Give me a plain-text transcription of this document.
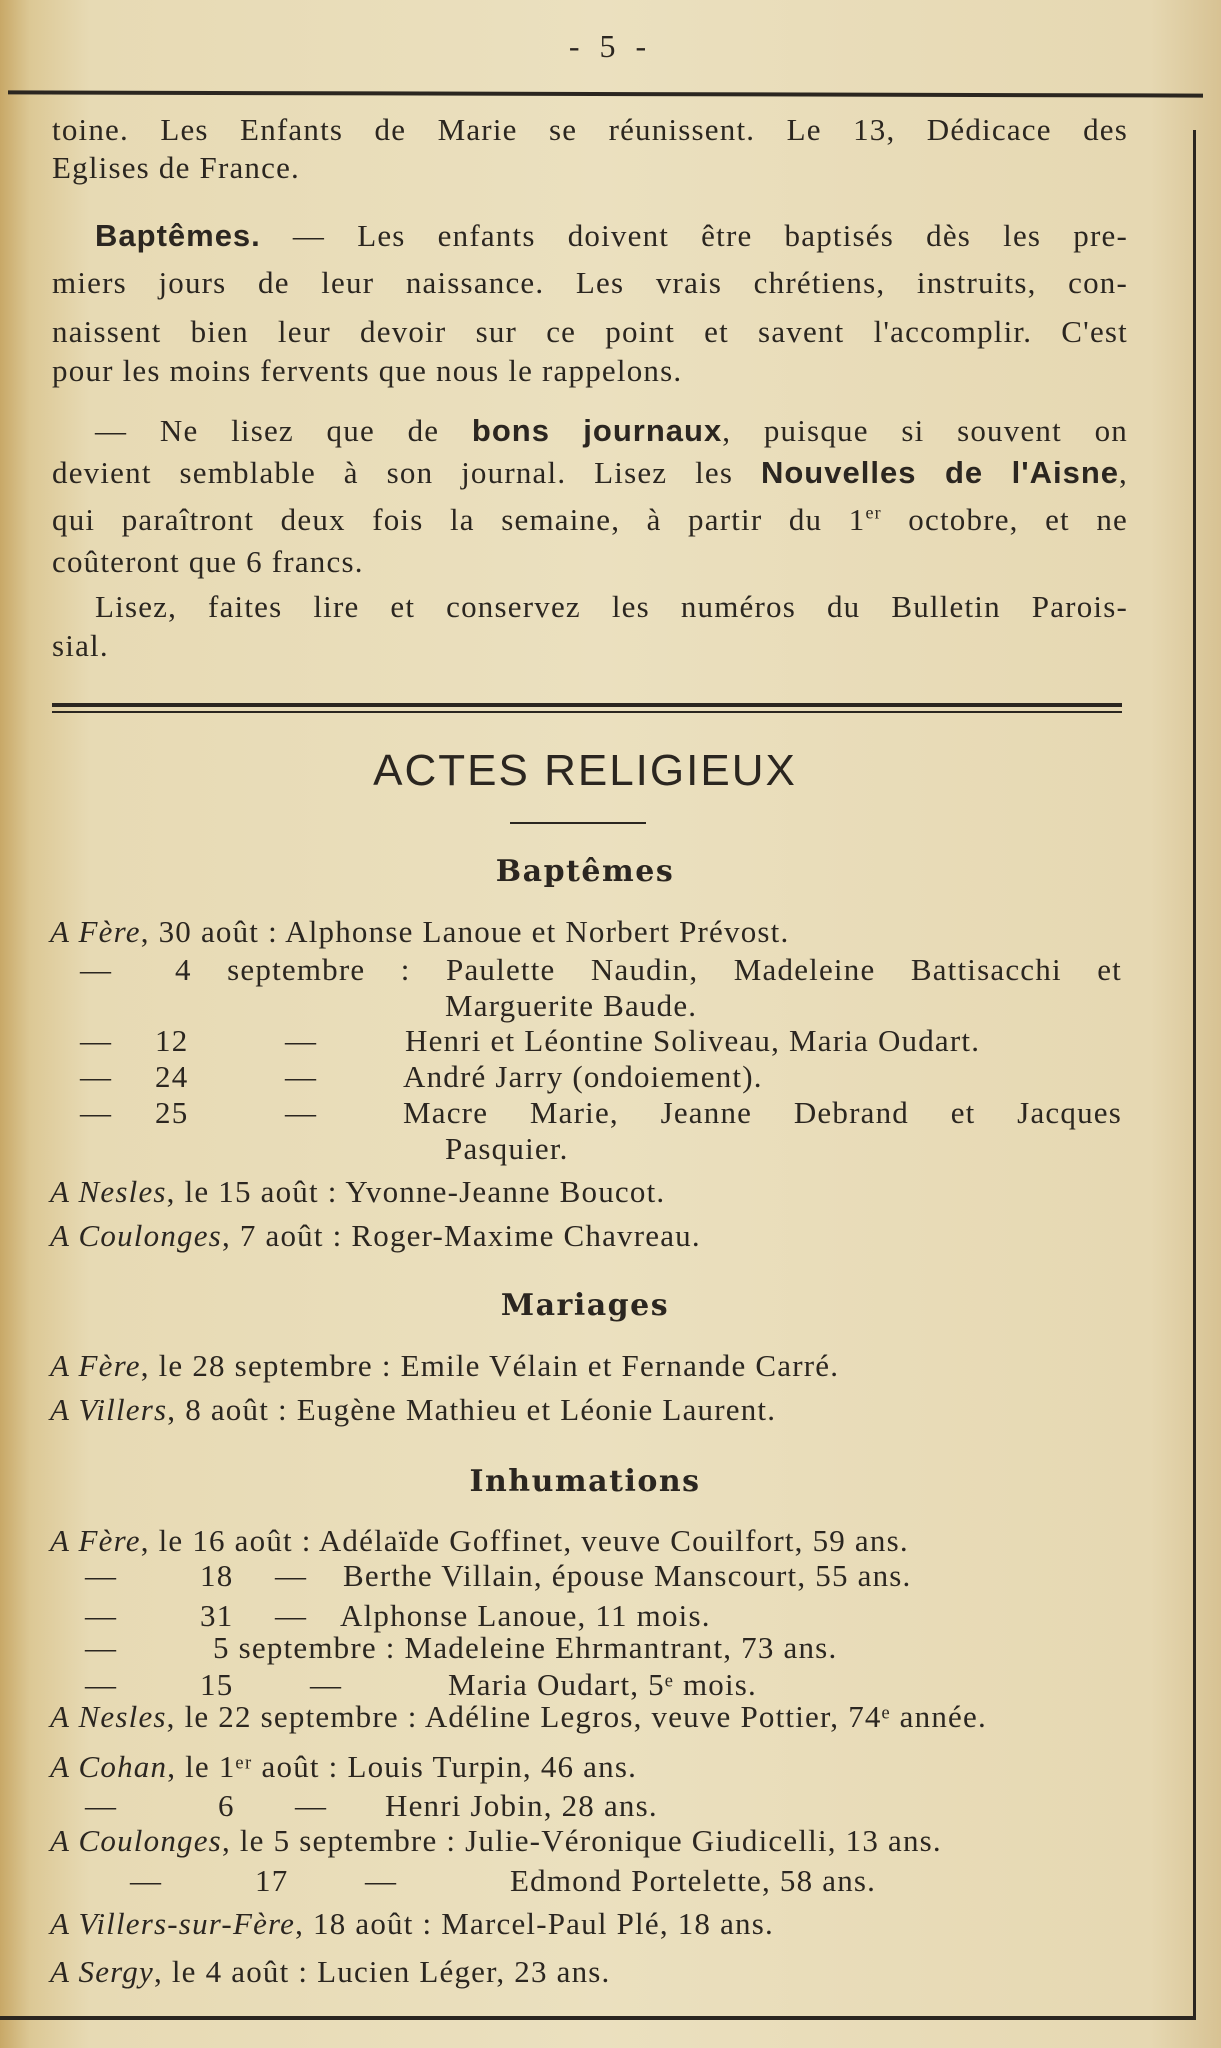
- 5 -
toine. Les Enfants de Marie se réunissent. Le 13, Dédicace des
Eglises de France.
Baptêmes. — Les enfants doivent être baptisés dès les pre-
miers jours de leur naissance. Les vrais chrétiens, instruits, con-
naissent bien leur devoir sur ce point et savent l'accomplir. C'est
pour les moins fervents que nous le rappelons.
— Ne lisez que de bons journaux, puisque si souvent on
devient semblable à son journal. Lisez les Nouvelles de l'Aisne,
qui paraîtront deux fois la semaine, à partir du 1er octobre, et ne
coûteront que 6 francs.
Lisez, faites lire et conservez les numéros du Bulletin Parois-
sial.
ACTES RELIGIEUX
Baptêmes
A Fère, 30 août : Alphonse Lanoue et Norbert Prévost.
— 4 septembre : Paulette Naudin, Madeleine Battisacchi et
Marguerite Baude.
— 12	—	Henri et Léontine Soliveau, Maria Oudart.
— 24	—	André Jarry (ondoiement).
— 25	—	Macre Marie, Jeanne Debrand et Jacques
Pasquier.
A Nesles, le 15 août : Yvonne-Jeanne Boucot.
A Coulonges, 7 août : Roger-Maxime Chavreau.
Mariages
A Fère, le 28 septembre : Emile Vélain et Fernande Carré.
A Villers, 8 août : Eugène Mathieu et Léonie Laurent.
Inhumations
A Fère, le 16 août : Adélaïde Goffinet, veuve Couilfort, 59 ans.
—	18 — Berthe Villain, épouse Manscourt, 55 ans.
—	31 — Alphonse Lanoue, 11 mois.
—	5 septembre : Madeleine Ehrmantrant, 73 ans.
—	15 —	Maria Oudart, 5ᵉ mois.
A Nesles, le 22 septembre : Adéline Legros, veuve Pottier, 74ᵉ année.
A Cohan, le 1ᵉʳ août : Louis Turpin, 46 ans.
—	6 — Henri Jobin, 28 ans.
A Coulonges, le 5 septembre : Julie-Véronique Giudicelli, 13 ans.
—	17 —	Edmond Portelette, 58 ans.
A Villers-sur-Fère, 18 août : Marcel-Paul Plé, 18 ans.
A Sergy, le 4 août : Lucien Léger, 23 ans.
